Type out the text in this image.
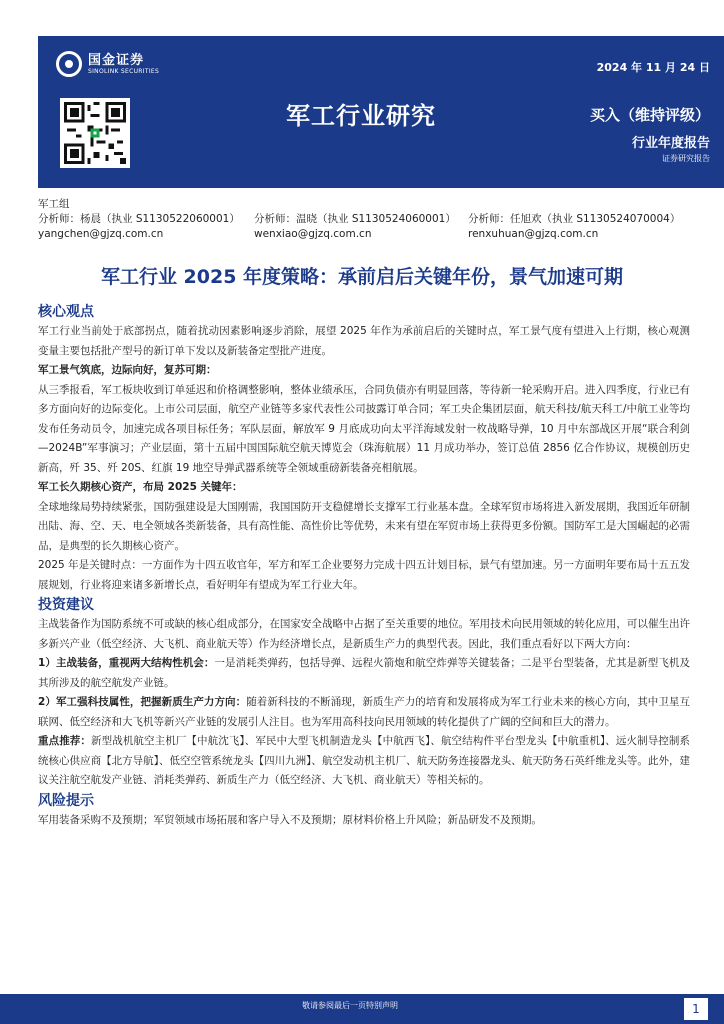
国金证券
SINOLINK SECURITIES	2024 年 11 月 24 日
军工行业研究	买入（维持评级）
行业年度报告
证券研究报告
军工组
分析师：杨晨（执业 S1130522060001）
yangchen@gjzq.com.cn
分析师：温晓（执业 S1130524060001）
wenxiao@gjzq.com.cn
分析师：任旭欢（执业 S1130524070004）
renxuhuan@gjzq.com.cn
军工行业 2025 年度策略：承前启后关键年份，景气加速可期
核心观点
军工行业当前处于底部拐点，随着扰动因素影响逐步消除，展望 2025 年作为承前启后的关键时点，军工景气度有望进入上行期，核心观测变量主要包括批产型号的新订单下发以及新装备定型批产进度。
军工景气筑底，边际向好，复苏可期：
从三季报看，军工板块收到订单延迟和价格调整影响，整体业绩承压，合同负债亦有明显回落，等待新一轮采购开启。进入四季度，行业已有多方面向好的边际变化。上市公司层面，航空产业链等多家代表性公司披露订单合同；军工央企集团层面，航天科技/航天科工/中航工业等均发布任务动员令，加速完成各项目标任务；军队层面，解放军 9 月底成功向太平洋海域发射一枚战略导弹，10 月中东部战区开展“联合利剑—2024B”军事演习；产业层面，第十五届中国国际航空航天博览会（珠海航展）11 月成功举办，签订总值 2856 亿合作协议，规模创历史新高，歼 35、歼 20S、红旗 19 地空导弹武器系统等全领域重磅新装备亮相航展。
军工长久期核心资产，布局 2025 关键年：
全球地缘局势持续紧张，国防强建设是大国刚需，我国国防开支稳健增长支撑军工行业基本盘。全球军贸市场将进入新发展期，我国近年研制出陆、海、空、天、电全领域各类新装备，具有高性能、高性价比等优势，未来有望在军贸市场上获得更多份额。国防军工是大国崛起的必需品，是典型的长久期核心资产。
2025 年是关键时点：一方面作为十四五收官年，军方和军工企业要努力完成十四五计划目标，景气有望加速。另一方面明年要布局十五五发展规划，行业将迎来诸多新增长点，看好明年有望成为军工行业大年。
投资建议
主战装备作为国防系统不可或缺的核心组成部分，在国家安全战略中占据了至关重要的地位。军用技术向民用领域的转化应用，可以催生出许多新兴产业（低空经济、大飞机、商业航天等）作为经济增长点，是新质生产力的典型代表。因此，我们重点看好以下两大方向：
1）主战装备，重视两大结构性机会：一是消耗类弹药，包括导弹、远程火箭炮和航空炸弹等关键装备；二是平台型装备，尤其是新型飞机及其所涉及的航空航发产业链。
2）军工强科技属性，把握新质生产力方向：随着新科技的不断涌现，新质生产力的培育和发展将成为军工行业未来的核心方向，其中卫星互联网、低空经济和大飞机等新兴产业链的发展引人注目。也为军用高科技向民用领域的转化提供了广阔的空间和巨大的潜力。
重点推荐：新型战机航空主机厂【中航沈飞】、军民中大型飞机制造龙头【中航西飞】、航空结构件平台型龙头【中航重机】、远火制导控制系统核心供应商【北方导航】、低空空管系统龙头【四川九洲】、航空发动机主机厂、航天防务连接器龙头、航天防务石英纤维龙头等。此外，建议关注航空航发产业链、消耗类弹药、新质生产力（低空经济、大飞机、商业航天）等相关标的。
风险提示
军用装备采购不及预期；军贸领域市场拓展和客户导入不及预期；原材料价格上升风险；新品研发不及预期。
敬请参阅最后一页特别声明	1
